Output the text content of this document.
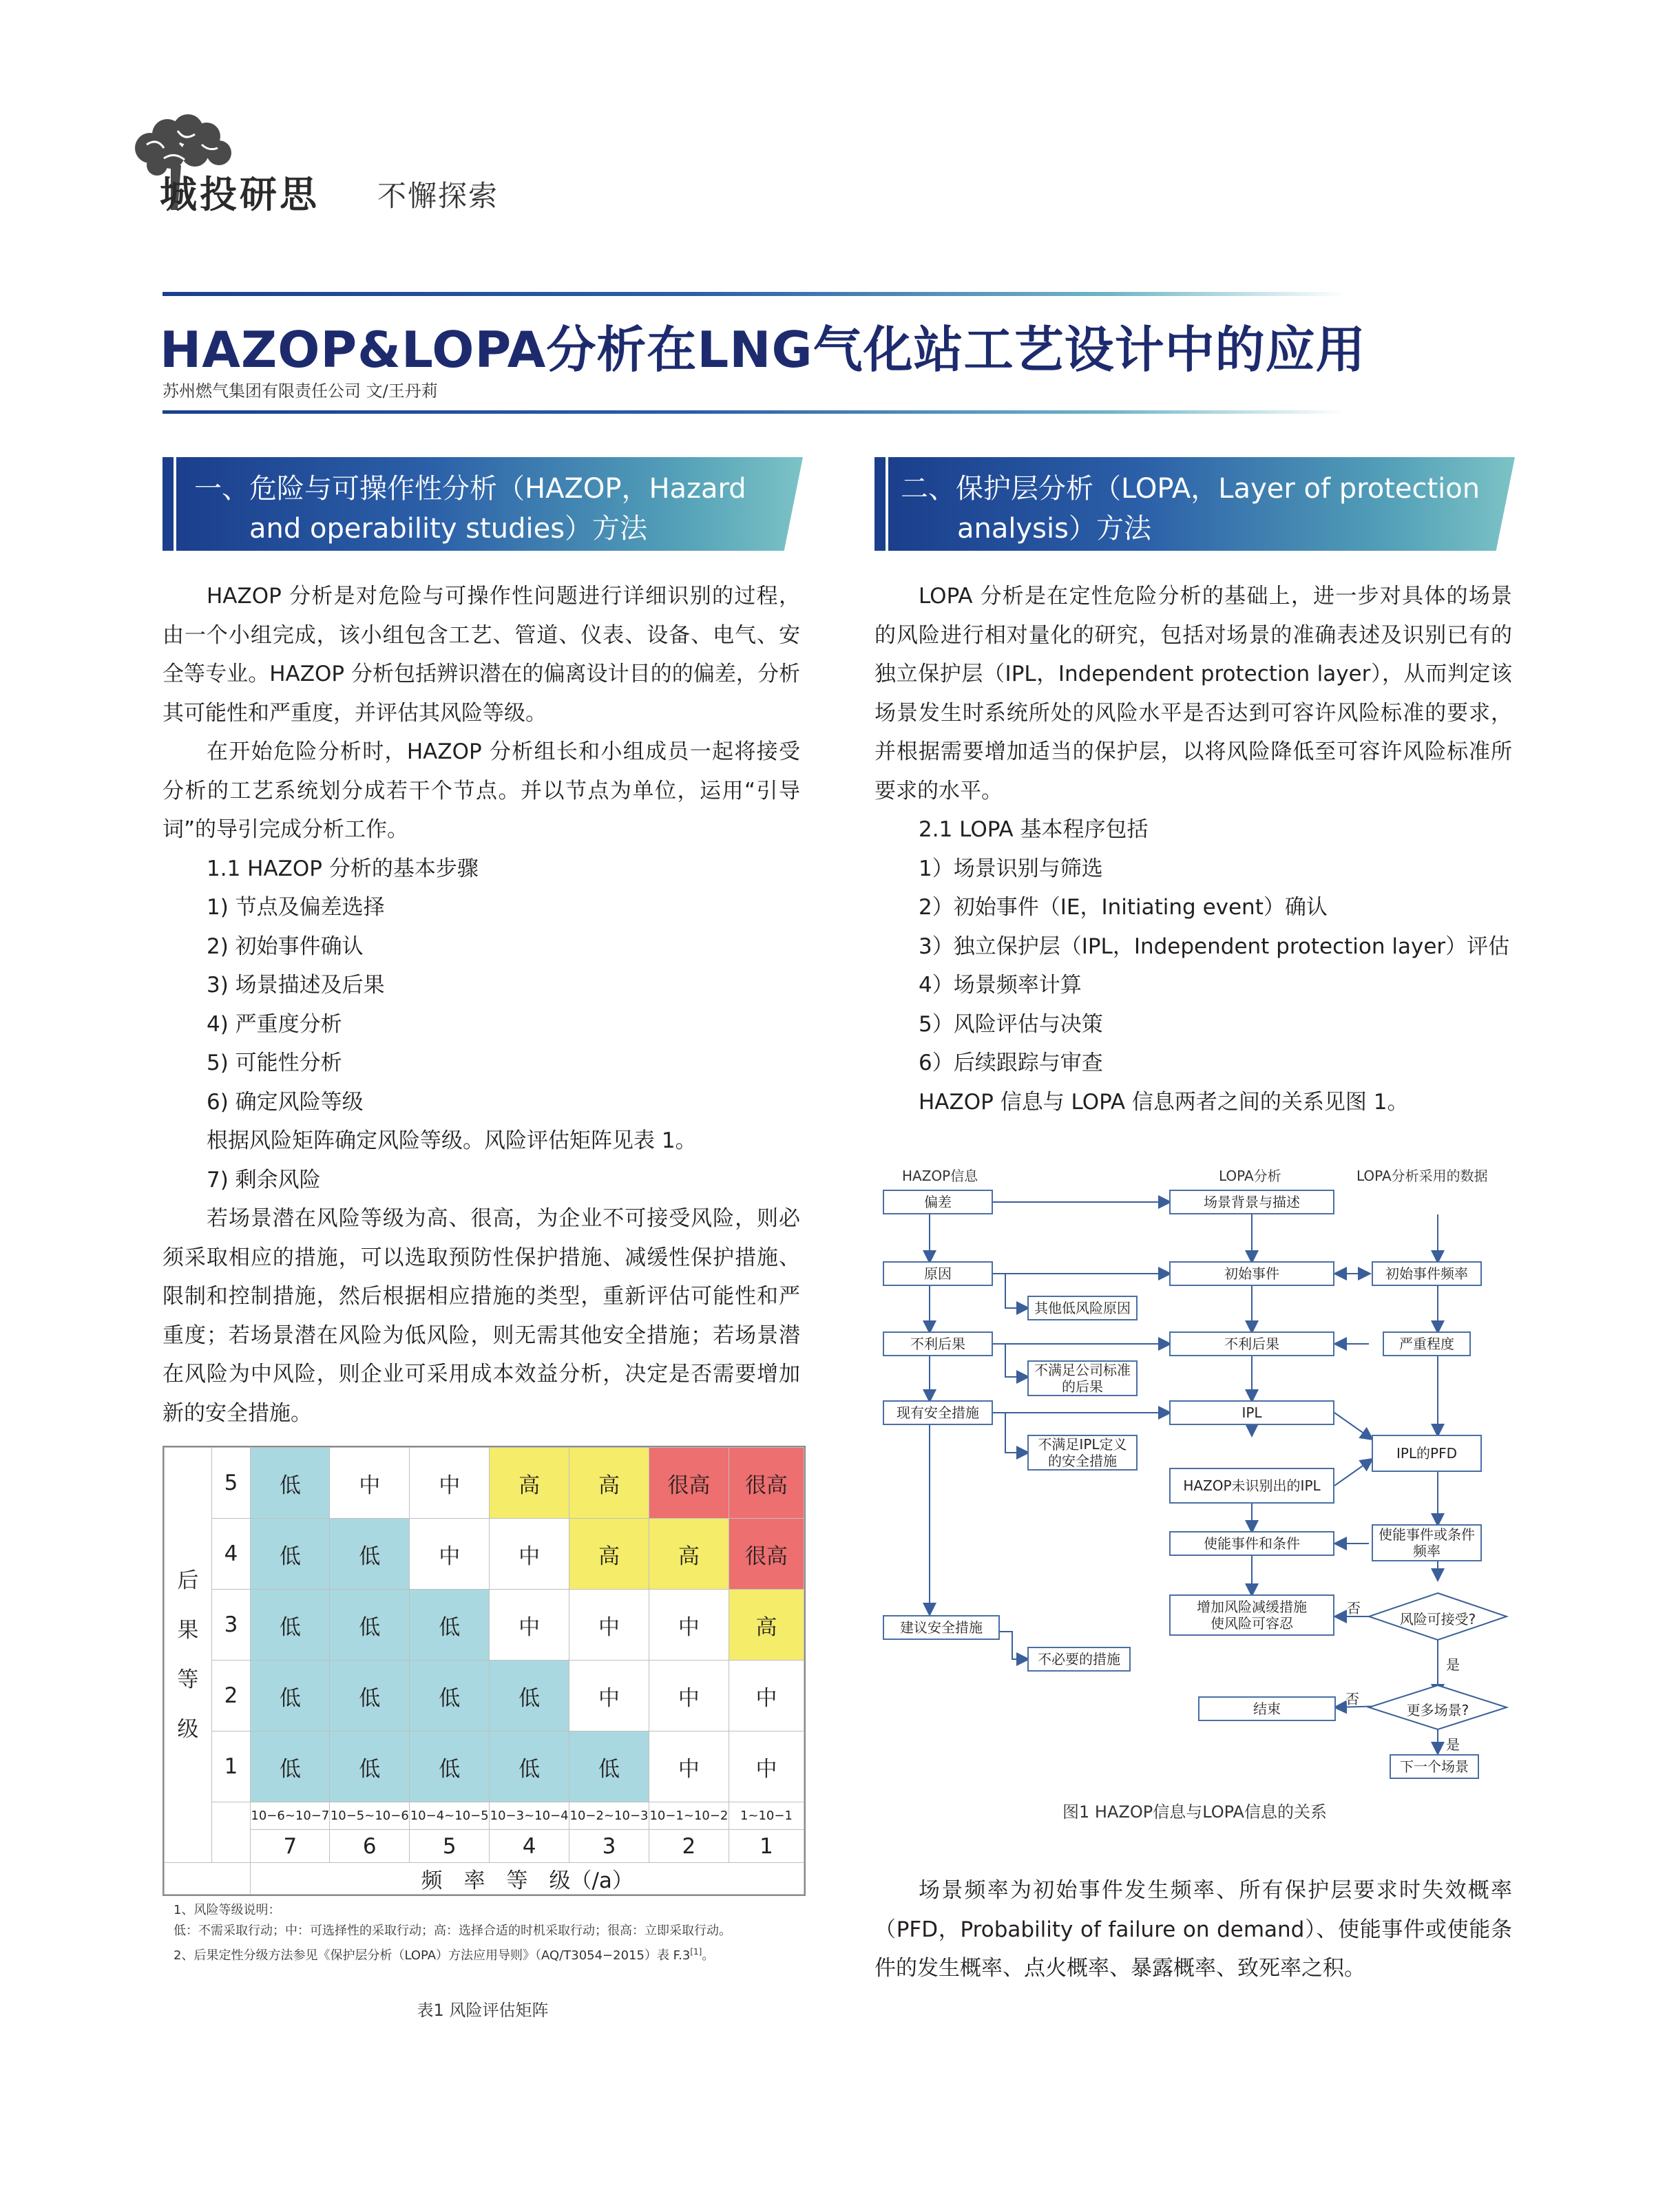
城投研思 不懈探索
HAZOP&LOPA分析在LNG气化站工艺设计中的应用
苏州燃气集团有限责任公司 文/王丹莉
一、危险与可操作性分析（HAZOP，Hazard
and operability studies）方法

HAZOP 分析是对危险与可操作性问题进行详细识别的过程，由一个小组完成，该小组包含工艺、管道、仪表、设备、电气、安全等专业。HAZOP 分析包括辨识潜在的偏离设计目的的偏差，分析其可能性和严重度，并评估其风险等级。

在开始危险分析时，HAZOP 分析组长和小组成员一起将接受分析的工艺系统划分成若干个节点。并以节点为单位，运用“引导词”的导引完成分析工作。

1.1 HAZOP 分析的基本步骤

1) 节点及偏差选择

2) 初始事件确认

3) 场景描述及后果

4) 严重度分析

5) 可能性分析

6) 确定风险等级

根据风险矩阵确定风险等级。风险评估矩阵见表 1。

7) 剩余风险

若场景潜在风险等级为高、很高，为企业不可接受风险，则必须采取相应的措施，可以选取预防性保护措施、减缓性保护措施、限制和控制措施，然后根据相应措施的类型，重新评估可能性和严重度；若场景潜在风险为低风险，则无需其他安全措施；若场景潜在风险为中风险，则企业可采用成本效益分析，决定是否需要增加新的安全措施。

后
果
等
级	5	低	中	中	高	高	很高	很高
	4	低	低	中	中	高	高	很高
	3	低	低	低	中	中	中	高
	2	低	低	低	低	中	中	中
	1	低	低	低	低	低	中	中
		10−6~10−7	10−5~10−6	10−4~10−5	10−3~10−4	10−2~10−3	10−1~10−2	1~10−1
		7	6	5	4	3	2	1
		频　率　等　级（/a）						
1、风险等级说明：
低：不需采取行动；中：可选择性的采取行动；高：选择合适的时机采取行动；很高：立即采取行动。
2、后果定性分级方法参见《保护层分析（LOPA）方法应用导则》（AQ/T3054−2015）表 F.3[1]。
表1 风险评估矩阵
二、保护层分析（LOPA，Layer of protection
analysis）方法

LOPA 分析是在定性危险分析的基础上，进一步对具体的场景的风险进行相对量化的研究，包括对场景的准确表述及识别已有的独立保护层（IPL，Independent protection layer），从而判定该场景发生时系统所处的风险水平是否达到可容许风险标准的要求，并根据需要增加适当的保护层，以将风险降低至可容许风险标准所要求的水平。

2.1 LOPA 基本程序包括

1）场景识别与筛选

2）初始事件（IE，Initiating event）确认

3）独立保护层（IPL，Independent protection layer）评估

4）场景频率计算

5）风险评估与决策

6）后续跟踪与审查

HAZOP 信息与 LOPA 信息两者之间的关系见图 1。

HAZOP信息	LOPA分析	LOPA分析采用的数据
偏差
原因
不利后果
现有安全措施
建议安全措施
其他低风险原因
不满足公司标准
的后果
不满足IPL定义
的安全措施
不必要的措施
场景背景与描述
初始事件
不利后果
IPL
HAZOP未识别出的IPL
使能事件和条件
增加风险减缓措施
使风险可容忍
结束
初始事件频率
严重程度
IPL的PFD
使能事件或条件
频率
风险可接受?
更多场景?
下一个场景
否
是
否
是
图1 HAZOP信息与LOPA信息的关系

场景频率为初始事件发生频率、所有保护层要求时失效概率（PFD，Probability of failure on demand）、使能事件或使能条件的发生概率、点火概率、暴露概率、致死率之积。
